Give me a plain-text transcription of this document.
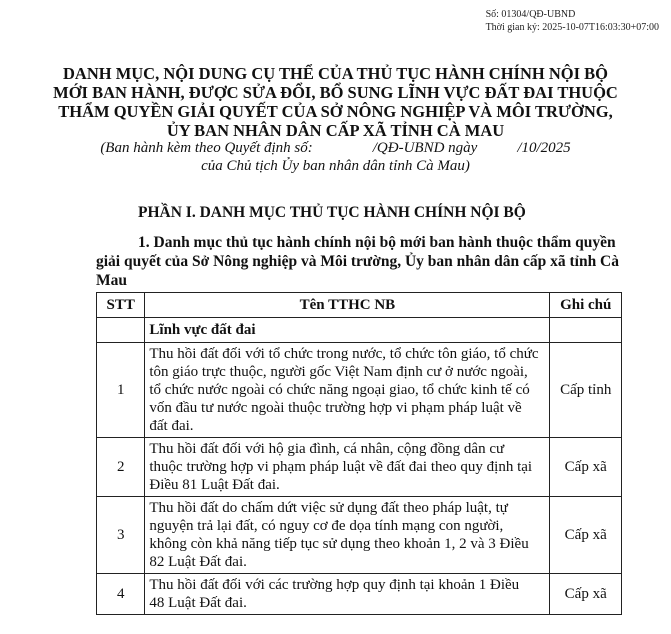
Số: 01304/QĐ-UBND
Thời gian ký: 2025-10-07T16:03:30+07:00
DANH MỤC, NỘI DUNG CỤ THỂ CỦA THỦ TỤC HÀNH CHÍNH NỘI BỘ
MỚI BAN HÀNH, ĐƯỢC SỬA ĐỔI, BỔ SUNG LĨNH VỰC ĐẤT ĐAI THUỘC
THẨM QUYỀN GIẢI QUYẾT CỦA SỞ NÔNG NGHIỆP VÀ MÔI TRƯỜNG,
ỦY BAN NHÂN DÂN CẤP XÃ TỈNH CÀ MAU
(Ban hành kèm theo Quyết định số:	/QĐ-UBND ngày	/10/2025
của Chủ tịch Ủy ban nhân dân tỉnh Cà Mau)
PHẦN I. DANH MỤC THỦ TỤC HÀNH CHÍNH NỘI BỘ
1. Danh mục thủ tục hành chính nội bộ mới ban hành thuộc thẩm quyền
giải quyết của Sở Nông nghiệp và Môi trường, Ủy ban nhân dân cấp xã tỉnh Cà
Mau
STT	Tên TTHC NB	Ghi chú
	Lĩnh vực đất đai	
1	Thu hồi đất đối với tổ chức trong nước, tổ chức tôn giáo, tổ chức
tôn giáo trực thuộc, người gốc Việt Nam định cư ở nước ngoài,
tổ chức nước ngoài có chức năng ngoại giao, tổ chức kinh tế có
vốn đầu tư nước ngoài thuộc trường hợp vi phạm pháp luật về
đất đai.	Cấp tỉnh
2	Thu hồi đất đối với hộ gia đình, cá nhân, cộng đồng dân cư
thuộc trường hợp vi phạm pháp luật về đất đai theo quy định tại
Điều 81 Luật Đất đai.	Cấp xã
3	Thu hồi đất do chấm dứt việc sử dụng đất theo pháp luật, tự
nguyện trả lại đất, có nguy cơ đe dọa tính mạng con người,
không còn khả năng tiếp tục sử dụng theo khoản 1, 2 và 3 Điều
82 Luật Đất đai.	Cấp xã
4	Thu hồi đất đối với các trường hợp quy định tại khoản 1 Điều
48 Luật Đất đai.	Cấp xã
